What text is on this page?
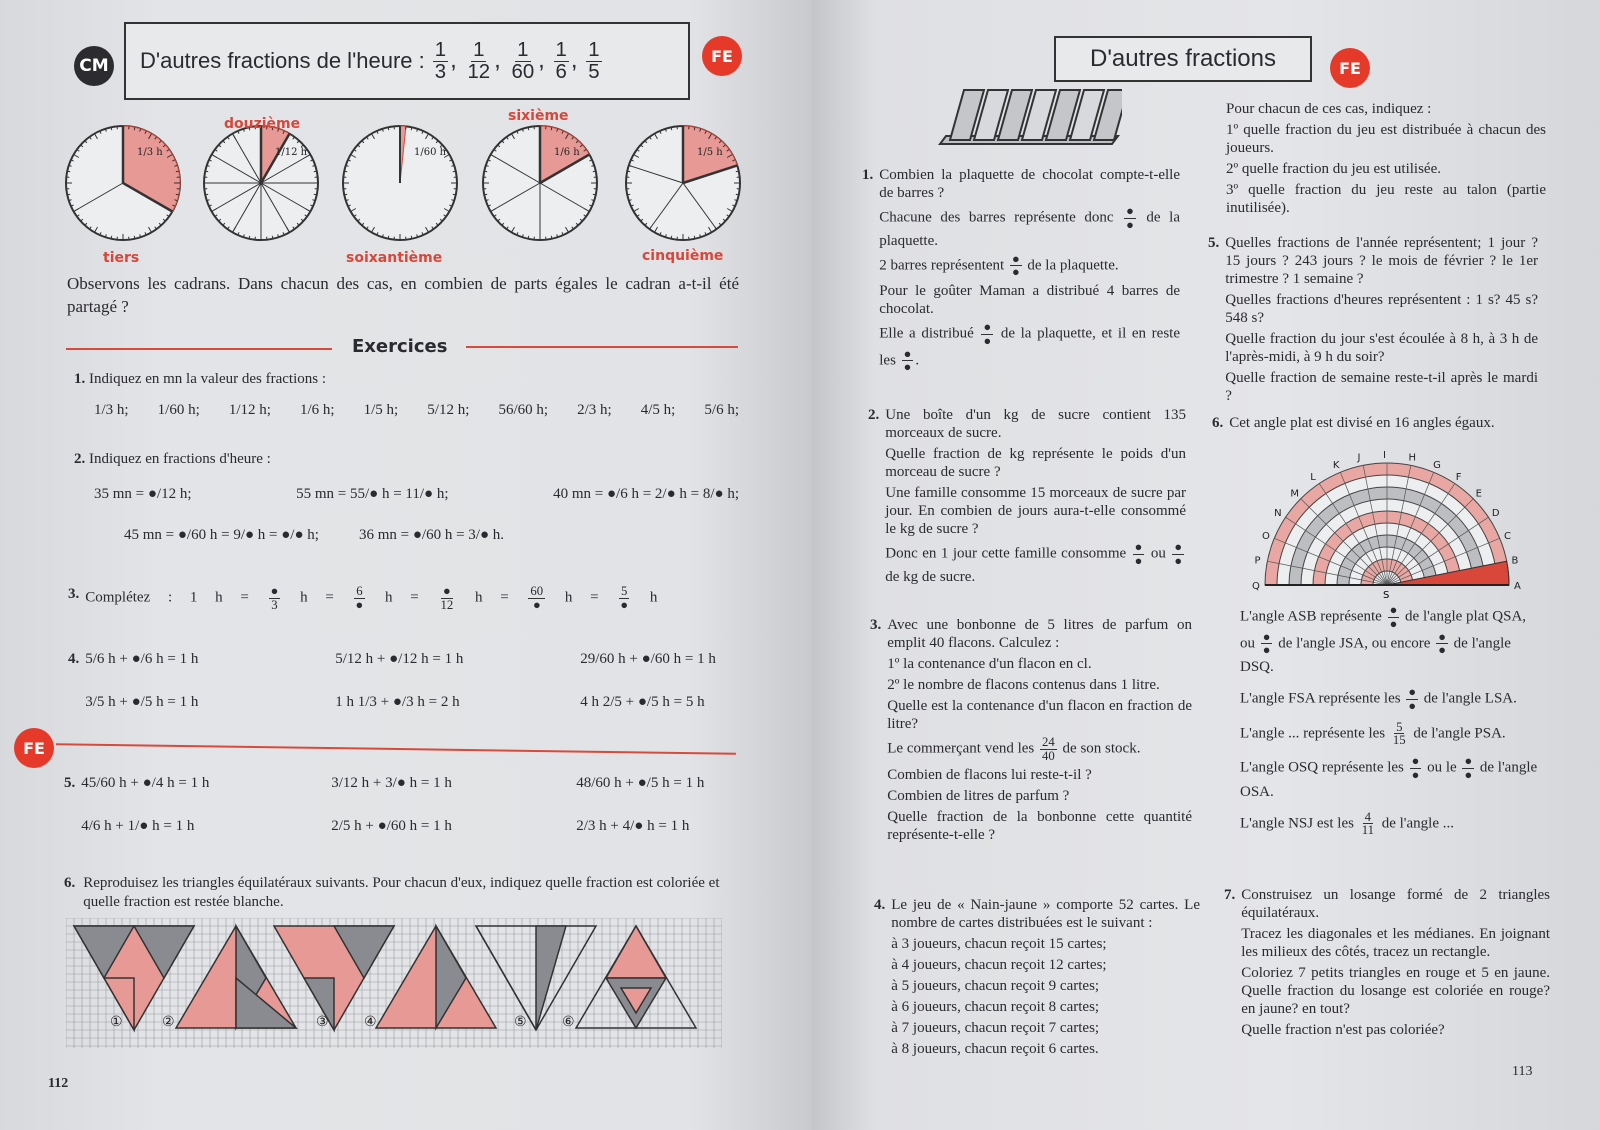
CM D'autres fractions de l'heure : $\frac{1}{3}$ , $\frac{1}{12}$ , $\frac{1}{60}$ , $\frac{1}{6}$ , $\frac{1}{5}$	FE
1/3 h	1/12 h	1/60 h	1/6 h	1/5 h
tiers
douzième
soixantième
sixième
cinquième
Observons les cadrans. Dans chacun des cas, en combien de parts égales le cadran a-t-il été partagé ?
Exercices
1. Indiquez en mn la valeur des fractions :
1/3 h; 1/60 h; 1/12 h; 1/6 h; 1/5 h; 5/12 h; 56/60 h; 2/3 h; 4/5 h; 5/6 h;
2. Indiquez en fractions d'heure :
35 mn = ●/12 h;	55 mn = 55/● h = 11/● h;	40 mn = ●/6 h = 2/● h = 8/● h;
45 mn = ●/60 h = 9/● h = ●/● h;	36 mn = ●/60 h = 3/● h.
3. Complétez : 1 $h = \frac{●}{3}$ $h = \frac{6}{●}$ $h = \frac{●}{12}$ $h = \frac{60}{●}$ $h = \frac{5}{●}$ h
4. 5/6 h + ●/6 h = 1 h	5/12 h + ●/12 h = 1 h	29/60 h + ●/60 h = 1 h
3/5 h + ●/5 h = 1 h	1 h 1/3 + ●/3 h = 2 h	4 h 2/5 + ●/5 h = 5 h
FE
5. 45/60 h + ●/4 h = 1 h	3/12 h + 3/● h = 1 h	48/60 h + ●/5 h = 1 h
4/6 h + 1/● h = 1 h	2/5 h + ●/60 h = 1 h	2/3 h + 4/● h = 1 h
6. Reproduisez les triangles équilatéraux suivants. Pour chacun d'eux, indiquez quelle fraction est coloriée et quelle fraction est restée blanche.
①	②	③	④	⑤	⑥
112
D'autres fractions	FE
1. Combien la plaquette de chocolat compte-t-elle de barres ?
Chacune des barres représente donc $\frac{●}{●}$ de la plaquette.
2 barres représentent $\frac{●}{●}$ de la plaquette.
Pour le goûter Maman a distribué 4 barres de chocolat.
Elle a distribué $\frac{●}{●}$ de la plaquette, et il en reste les $\frac{●}{●}$ .
2. Une boîte d'un kg de sucre contient 135 morceaux de sucre.
Quelle fraction de kg représente le poids d'un morceau de sucre ?
Une famille consomme 15 morceaux de sucre par jour. En combien de jours aura-t-elle consommé le kg de sucre ?
Donc en 1 jour cette famille consomme $\frac{●}{●}$ ou $\frac{●}{●}$
de kg de sucre.
3. Avec une bonbonne de 5 litres de parfum on emplit 40 flacons. Calculez :
1º la contenance d'un flacon en cl.
2º le nombre de flacons contenus dans 1 litre.
Quelle est la contenance d'un flacon en fraction de litre?
Le commerçant vend les $\frac{24}{40}$ de son stock.
Combien de flacons lui reste-t-il ?
Combien de litres de parfum ?
Quelle fraction de la bonbonne cette quantité représente-t-elle ?
4. Le jeu de « Nain-jaune » comporte 52 cartes. Le nombre de cartes distribuées est le suivant :
à 3 joueurs, chacun reçoit 15 cartes;
à 4 joueurs, chacun reçoit 12 cartes;
à 5 joueurs, chacun reçoit 9 cartes;
à 6 joueurs, chacun reçoit 8 cartes;
à 7 joueurs, chacun reçoit 7 cartes;
à 8 joueurs, chacun reçoit 6 cartes.
Pour chacun de ces cas, indiquez :
1º quelle fraction du jeu est distribuée à chacun des joueurs.
2º quelle fraction du jeu est utilisée.
3º quelle fraction du jeu reste au talon (partie inutilisée).
5. Quelles fractions de l'année représentent; 1 jour ? 15 jours ? 243 jours ? le mois de février ? le 1er trimestre ? 1 semaine ?
Quelles fractions d'heures représentent : 1 s? 45 s? 548 s?
Quelle fraction du jour s'est écoulée à 8 h, à 3 h de l'après-midi, à 9 h du soir?
Quelle fraction de semaine reste-t-il après le mardi ?
6. Cet angle plat est divisé en 16 angles égaux.
Q
P
O
N
M
L
K
J I H
G
F
E
D
C
B
A
S
L'angle ASB représente $\frac{●}{●}$ de l'angle plat QSA, ou $\frac{●}{●}$ de l'angle JSA, ou encore $\frac{●}{●}$ de l'angle DSQ.
L'angle FSA représente les $\frac{●}{●}$ de l'angle LSA.
L'angle ... représente les $\frac{5}{15}$ de l'angle PSA.
L'angle OSQ représente les $\frac{●}{●}$ ou le $\frac{●}{●}$ de l'angle OSA.
L'angle NSJ est les $\frac{4}{11}$ de l'angle ...
7. Construisez un losange formé de 2 triangles équilatéraux.
Tracez les diagonales et les médianes. En joignant les milieux des côtés, tracez un rectangle.
Coloriez 7 petits triangles en rouge et 5 en jaune. Quelle fraction du losange est coloriée en rouge? en jaune? en tout?
Quelle fraction n'est pas coloriée?
113
